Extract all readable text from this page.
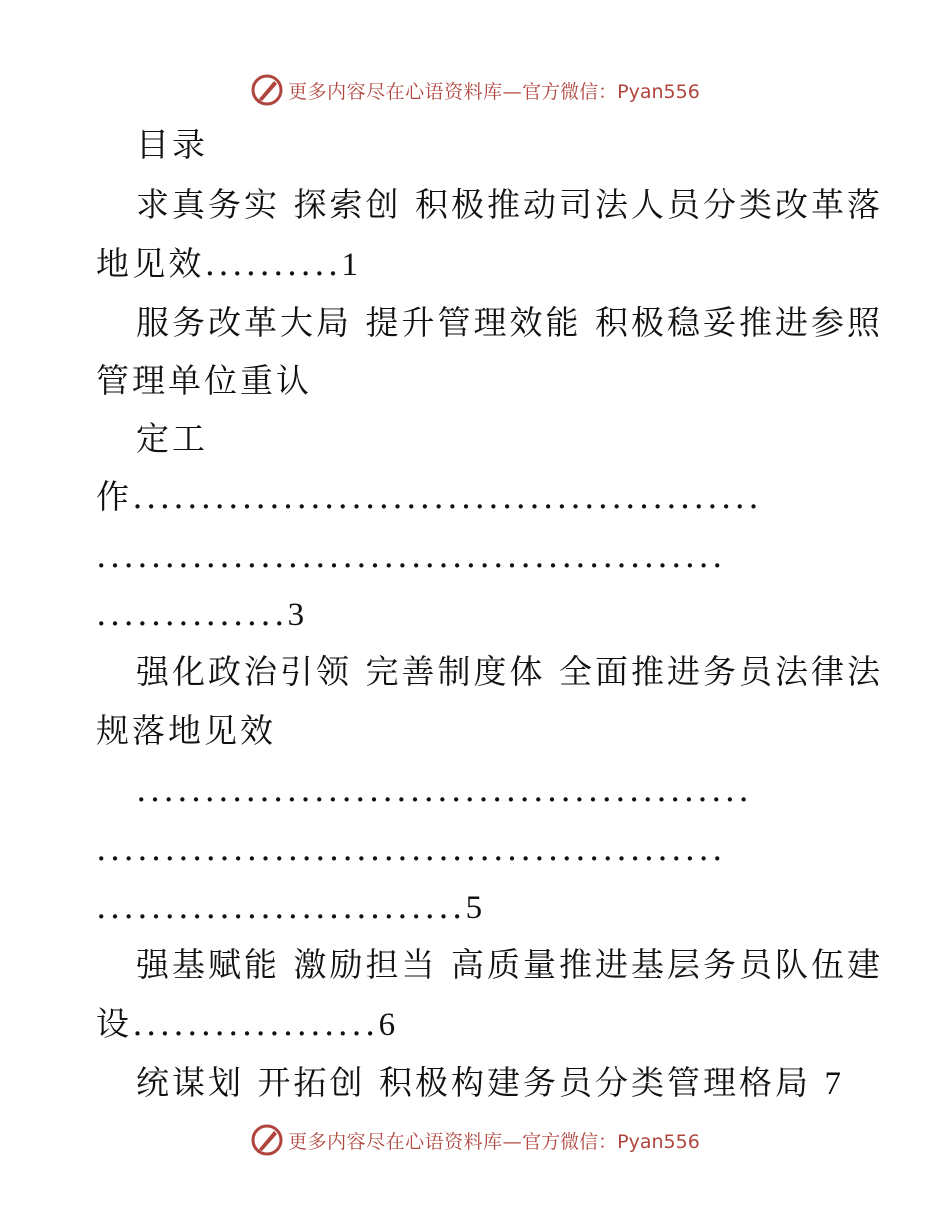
更多内容尽在心语资料库— 官方微信：Pyan556
目录
求真务实 探索创 积极推动司法人员分类改革落
地见效..........1
服务改革大局 提升管理效能 积极稳妥推进参照
管理单位重认
定工
作..............................................
..............................................
..............3
强化政治引领 完善制度体 全面推进务员法律法
规落地见效
.............................................
..............................................
...........................5
强基赋能 激励担当 高质量推进基层务员队伍建
设..................6
统谋划 开拓创 积极构建务员分类管理格局 7
更多内容尽在心语资料库— 官方微信：Pyan556
